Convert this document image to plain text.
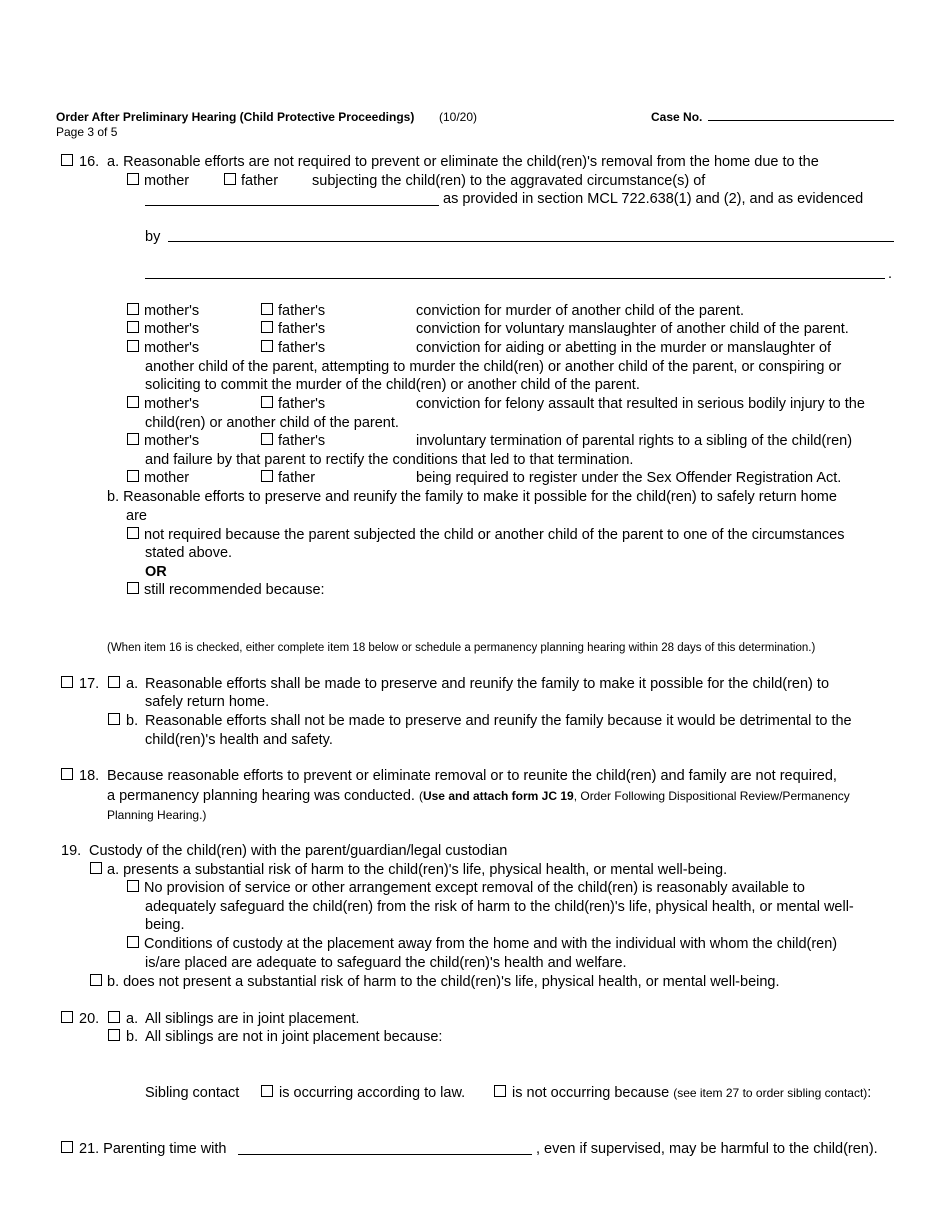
Order After Preliminary Hearing (Child Protective Proceedings) (10/20)	Case No.
Page 3 of 5
16. a. Reasonable efforts are not required to prevent or eliminate the child(ren)'s removal from the home due to the
mother	father subjecting the child(ren) to the aggravated circumstance(s) of
as provided in section MCL 722.638(1) and (2), and as evidenced
by
.
mother's	father's	conviction for murder of another child of the parent.
mother's	father's	conviction for voluntary manslaughter of another child of the parent.
mother's	father's	conviction for aiding or abetting in the murder or manslaughter of
another child of the parent, attempting to murder the child(ren) or another child of the parent, or conspiring or
soliciting to commit the murder of the child(ren) or another child of the parent.
mother's	father's	conviction for felony assault that resulted in serious bodily injury to the
child(ren) or another child of the parent.
mother's	father's	involuntary termination of parental rights to a sibling of the child(ren)
and failure by that parent to rectify the conditions that led to that termination.
mother	father	being required to register under the Sex Offender Registration Act.
b. Reasonable efforts to preserve and reunify the family to make it possible for the child(ren) to safely return home
are
not required because the parent subjected the child or another child of the parent to one of the circumstances
stated above.
OR
still recommended because:
(When item 16 is checked, either complete item 18 below or schedule a permanency planning hearing within 28 days of this determination.)
17. a. Reasonable efforts shall be made to preserve and reunify the family to make it possible for the child(ren) to
safely return home.
b. Reasonable efforts shall not be made to preserve and reunify the family because it would be detrimental to the
child(ren)'s health and safety.
18. Because reasonable efforts to prevent or eliminate removal or to reunite the child(ren) and family are not required,
a permanency planning hearing was conducted. (Use and attach form JC 19, Order Following Dispositional Review/Permanency
Planning Hearing.)
19. Custody of the child(ren) with the parent/guardian/legal custodian
a. presents a substantial risk of harm to the child(ren)'s life, physical health, or mental well-being.
No provision of service or other arrangement except removal of the child(ren) is reasonably available to
adequately safeguard the child(ren) from the risk of harm to the child(ren)'s life, physical health, or mental well-
being.
Conditions of custody at the placement away from the home and with the individual with whom the child(ren)
is/are placed are adequate to safeguard the child(ren)'s health and welfare.
b. does not present a substantial risk of harm to the child(ren)'s life, physical health, or mental well-being.
20. a. All siblings are in joint placement.
b. All siblings are not in joint placement because:
Sibling contact	is occurring according to law.	is not occurring because (see item 27 to order sibling contact):
21. Parenting time with	, even if supervised, may be harmful to the child(ren).
